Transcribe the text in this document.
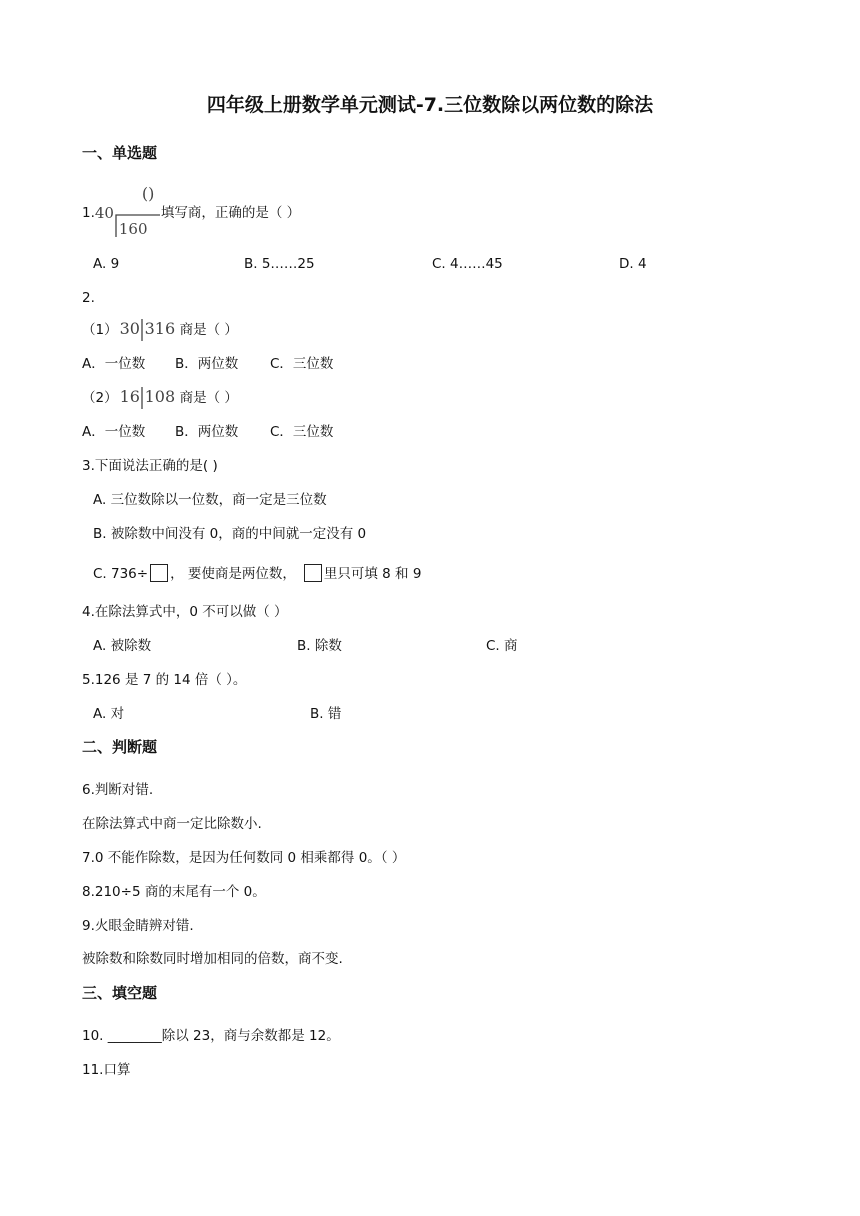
四年级上册数学单元测试-7.三位数除以两位数的除法
一、单选题
1. 40
()
160
填写商，正确的是（ ）
A. 9	B. 5……25	C. 4……45	D. 4
2.
（1） 30 316 商是（ ）
A．一位数 B．两位数 C．三位数
（2） 16 108 商是（ ）
A．一位数 B．两位数 C．三位数
3.下面说法正确的是( )
A. 三位数除以一位数，商一定是三位数
B. 被除数中间没有 0，商的中间就一定没有 0
C. 736÷ ， 要使商是两位数， 里只可填 8 和 9
4.在除法算式中，0 不可以做（ ）
A. 被除数	B. 除数	C. 商
5.126 是 7 的 14 倍（ ）。
A. 对	B. 错
二、判断题
6.判断对错.
在除法算式中商一定比除数小.
7.0 不能作除数，是因为任何数同 0 相乘都得 0。（ ）
8.210÷5 商的末尾有一个 0。
9.火眼金睛辨对错.
被除数和除数同时增加相同的倍数，商不变.
三、填空题
10. ________除以 23，商与余数都是 12。
11.口算
